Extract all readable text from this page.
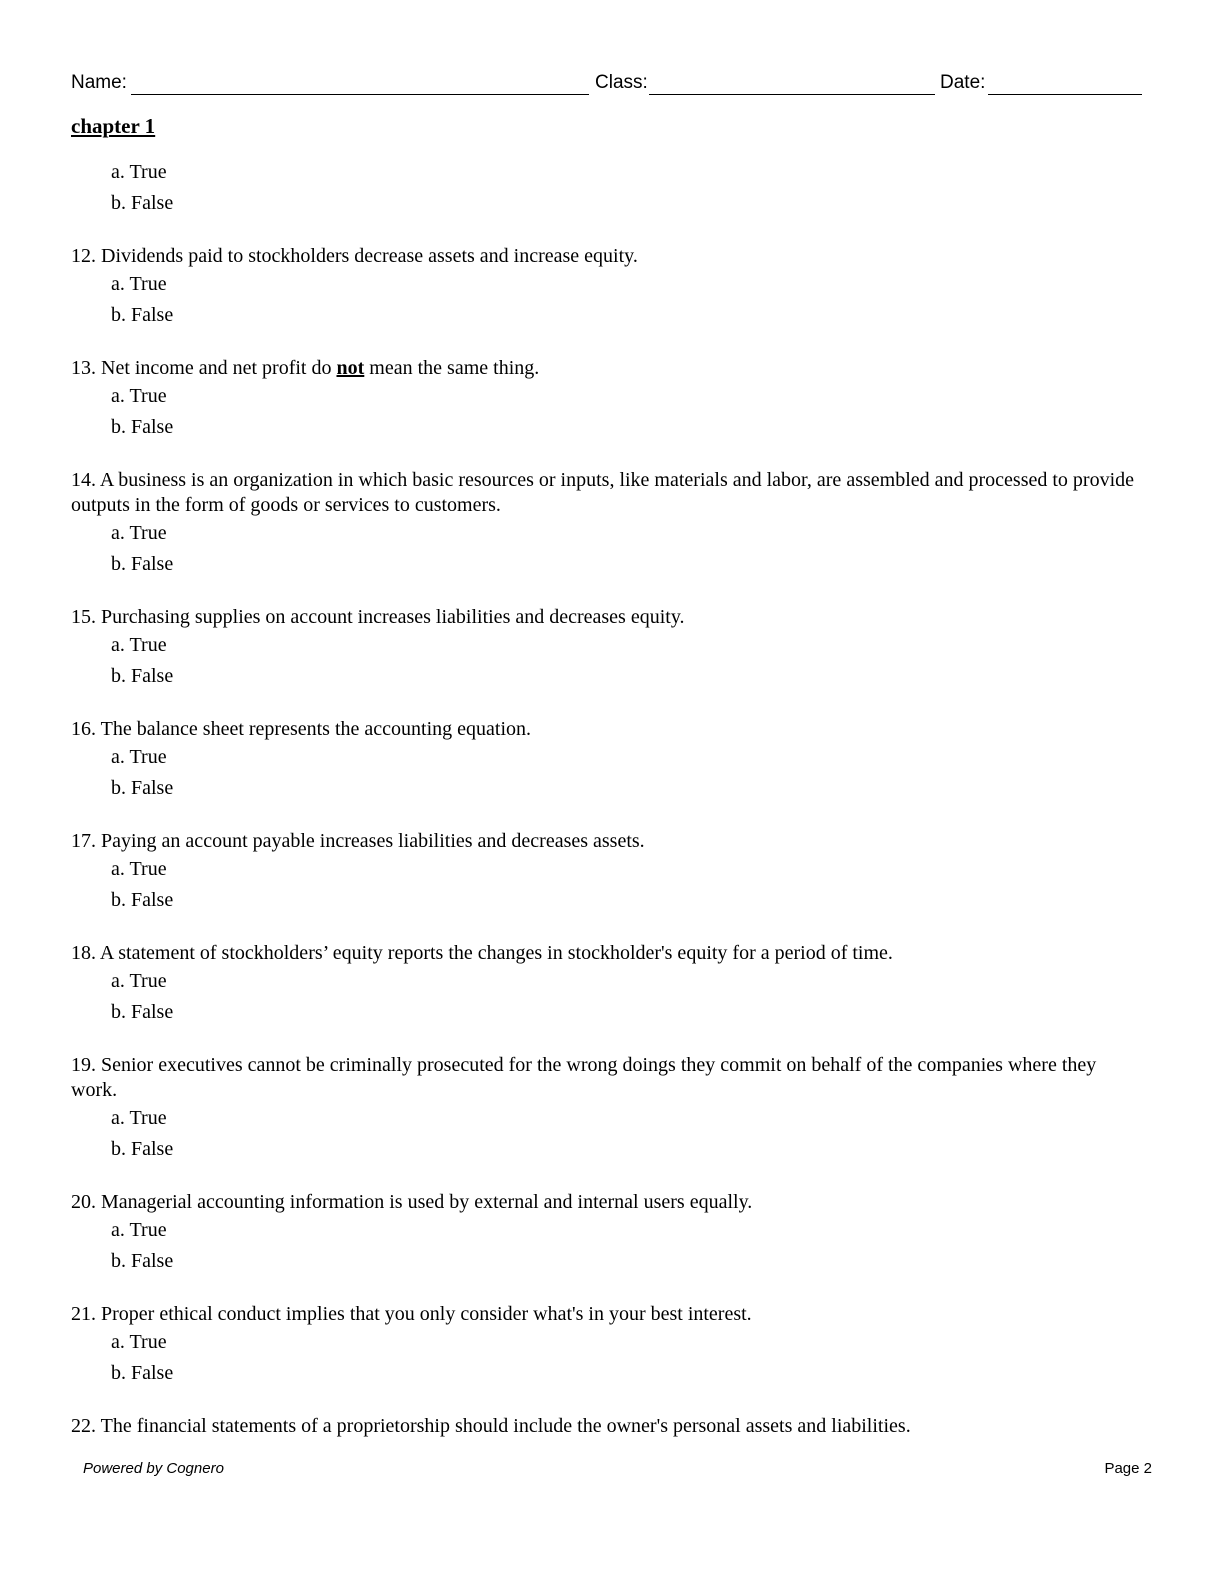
Name:	Class:	Date:
chapter 1

a. True

b. False

12. Dividends paid to stockholders decrease assets and increase equity.

a. True

b. False

13. Net income and net profit do not mean the same thing.

a. True

b. False

14. A business is an organization in which basic resources or inputs, like materials and labor, are assembled and processed to provide outputs in the form of goods or services to customers.

a. True

b. False

15. Purchasing supplies on account increases liabilities and decreases equity.

a. True

b. False

16. The balance sheet represents the accounting equation.

a. True

b. False

17. Paying an account payable increases liabilities and decreases assets.

a. True

b. False

18. A statement of stockholders’ equity reports the changes in stockholder's equity for a period of time.

a. True

b. False

19. Senior executives cannot be criminally prosecuted for the wrong doings they commit on behalf of the companies where they work.

a. True

b. False

20. Managerial accounting information is used by external and internal users equally.

a. True

b. False

21. Proper ethical conduct implies that you only consider what's in your best interest.

a. True

b. False

22. The financial statements of a proprietorship should include the owner's personal assets and liabilities.

Powered by Cognero	Page 2
